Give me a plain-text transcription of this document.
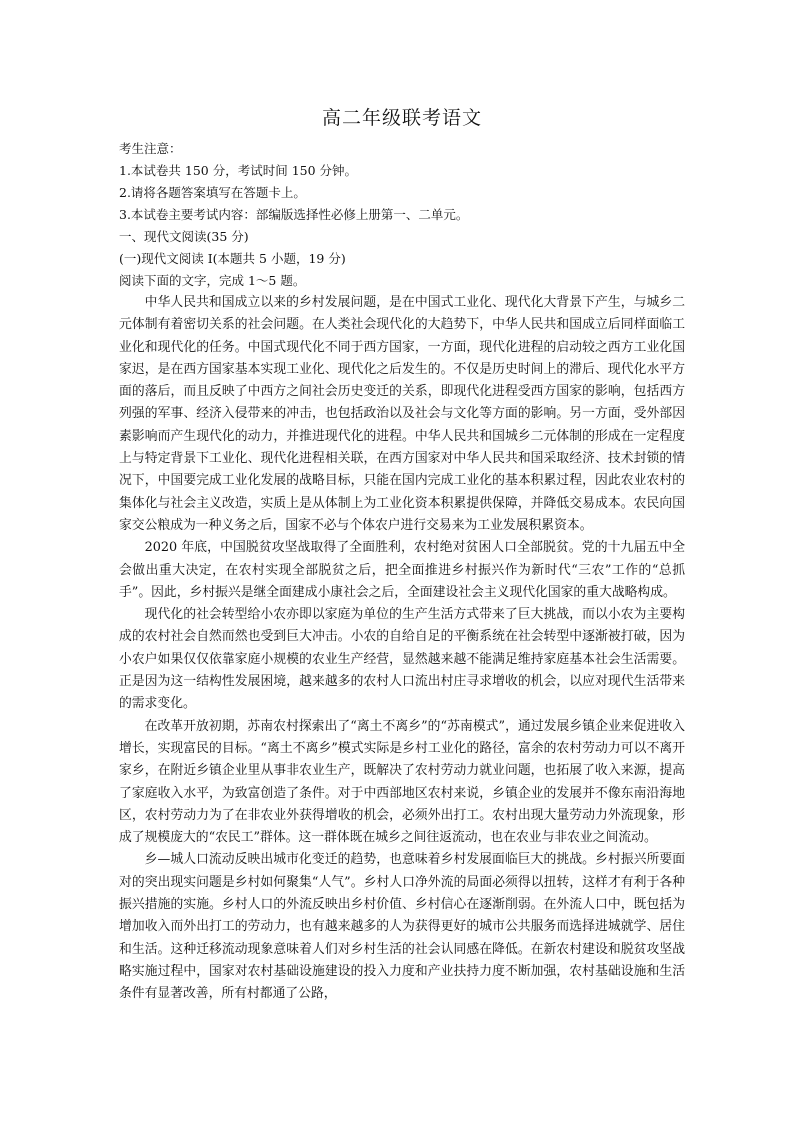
高二年级联考语文

考生注意：

1.本试卷共 150 分，考试时间 150 分钟。

2.请将各题答案填写在答题卡上。

3.本试卷主要考试内容：部编版选择性必修上册第一、二单元。

一、现代文阅读(35 分)

(一)现代文阅读 I(本题共 5 小题，19 分)

阅读下面的文字，完成 1～5 题。

中华人民共和国成立以来的乡村发展问题，是在中国式工业化、现代化大背景下产生，与城乡二元体制有着密切关系的社会问题。在人类社会现代化的大趋势下，中华人民共和国成立后同样面临工业化和现代化的任务。中国式现代化不同于西方国家，一方面，现代化进程的启动较之西方工业化国家迟，是在西方国家基本实现工业化、现代化之后发生的。不仅是历史时间上的滞后、现代化水平方面的落后，而且反映了中西方之间社会历史变迁的关系，即现代化进程受西方国家的影响，包括西方列强的军事、经济入侵带来的冲击，也包括政治以及社会与文化等方面的影响。另一方面，受外部因素影响而产生现代化的动力，并推进现代化的进程。中华人民共和国城乡二元体制的形成在一定程度上与特定背景下工业化、现代化进程相关联，在西方国家对中华人民共和国采取经济、技术封锁的情况下，中国要完成工业化发展的战略目标，只能在国内完成工业化的基本积累过程，因此农业农村的集体化与社会主义改造，实质上是从体制上为工业化资本积累提供保障，并降低交易成本。农民向国家交公粮成为一种义务之后，国家不必与个体农户进行交易来为工业发展积累资本。

2020 年底，中国脱贫攻坚战取得了全面胜利，农村绝对贫困人口全部脱贫。党的十九届五中全会做出重大决定，在农村实现全部脱贫之后，把全面推进乡村振兴作为新时代“三农”工作的“总抓手”。因此，乡村振兴是继全面建成小康社会之后，全面建设社会主义现代化国家的重大战略构成。

现代化的社会转型给小农亦即以家庭为单位的生产生活方式带来了巨大挑战，而以小农为主要构成的农村社会自然而然也受到巨大冲击。小农的自给自足的平衡系统在社会转型中逐渐被打破，因为小农户如果仅仅依靠家庭小规模的农业生产经营，显然越来越不能满足维持家庭基本社会生活需要。正是因为这一结构性发展困境，越来越多的农村人口流出村庄寻求增收的机会，以应对现代生活带来的需求变化。

在改革开放初期，苏南农村探索出了“离土不离乡”的“苏南模式”，通过发展乡镇企业来促进收入增长，实现富民的目标。“离土不离乡”模式实际是乡村工业化的路径，富余的农村劳动力可以不离开家乡，在附近乡镇企业里从事非农业生产，既解决了农村劳动力就业问题，也拓展了收入来源，提高了家庭收入水平，为致富创造了条件。对于中西部地区农村来说，乡镇企业的发展并不像东南沿海地区，农村劳动力为了在非农业外获得增收的机会，必须外出打工。农村出现大量劳动力外流现象，形成了规模庞大的“农民工”群体。这一群体既在城乡之间往返流动，也在农业与非农业之间流动。

乡—城人口流动反映出城市化变迁的趋势，也意味着乡村发展面临巨大的挑战。乡村振兴所要面对的突出现实问题是乡村如何聚集“人气”。乡村人口净外流的局面必须得以扭转，这样才有利于各种振兴措施的实施。乡村人口的外流反映出乡村价值、乡村信心在逐渐削弱。在外流人口中，既包括为增加收入而外出打工的劳动力，也有越来越多的人为获得更好的城市公共服务而选择进城就学、居住和生活。这种迁移流动现象意味着人们对乡村生活的社会认同感在降低。在新农村建设和脱贫攻坚战略实施过程中，国家对农村基础设施建设的投入力度和产业扶持力度不断加强，农村基础设施和生活条件有显著改善，所有村都通了公路，
